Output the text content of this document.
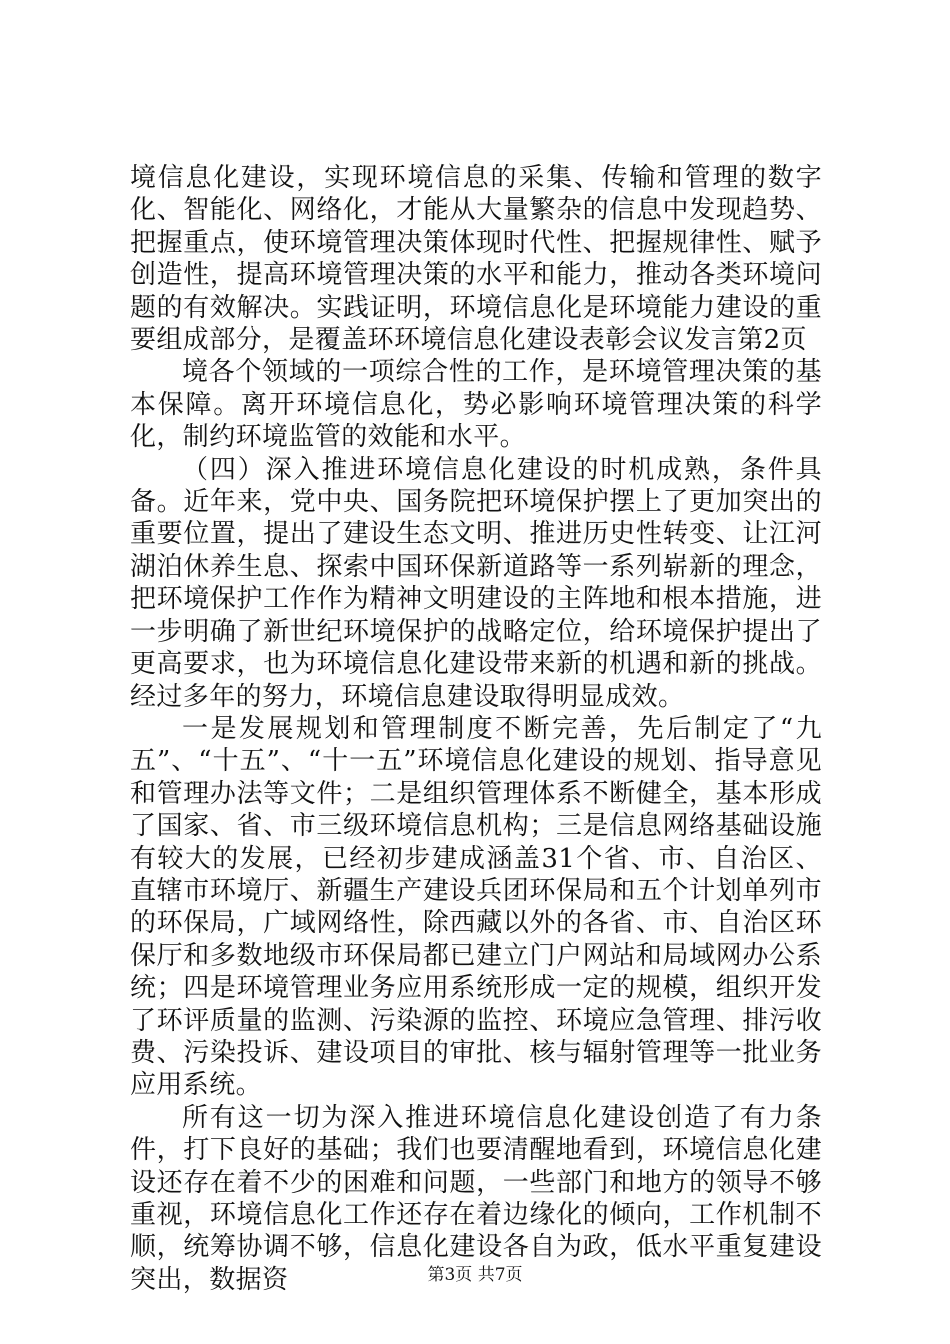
境信息化建设，实现环境信息的采集、传输和管理的数字化、智能化、网络化，才能从大量繁杂的信息中发现趋势、把握重点，使环境管理决策体现时代性、把握规律性、赋予创造性，提高环境管理决策的水平和能力，推动各类环境问题的有效解决。实践证明，环境信息化是环境能力建设的重要组成部分，是覆盖环环境信息化建设表彰会议发言第2页

境各个领域的一项综合性的工作，是环境管理决策的基本保障。离开环境信息化，势必影响环境管理决策的科学化，制约环境监管的效能和水平。

（四）深入推进环境信息化建设的时机成熟，条件具备。近年来，党中央、国务院把环境保护摆上了更加突出的重要位置，提出了建设生态文明、推进历史性转变、让江河湖泊休养生息、探索中国环保新道路等一系列崭新的理念，把环境保护工作作为精神文明建设的主阵地和根本措施，进一步明确了新世纪环境保护的战略定位，给环境保护提出了更高要求，也为环境信息化建设带来新的机遇和新的挑战。经过多年的努力，环境信息建设取得明显成效。

一是发展规划和管理制度不断完善，先后制定了“九五”、“十五”、“十一五”环境信息化建设的规划、指导意见和管理办法等文件；二是组织管理体系不断健全，基本形成了国家、省、市三级环境信息机构；三是信息网络基础设施有较大的发展，已经初步建成涵盖31个省、市、自治区、直辖市环境厅、新疆生产建设兵团环保局和五个计划单列市的环保局，广域网络性，除西藏以外的各省、市、自治区环保厅和多数地级市环保局都已建立门户网站和局域网办公系统；四是环境管理业务应用系统形成一定的规模，组织开发了环评质量的监测、污染源的监控、环境应急管理、排污收费、污染投诉、建设项目的审批、核与辐射管理等一批业务应用系统。

所有这一切为深入推进环境信息化建设创造了有力条件，打下良好的基础；我们也要清醒地看到，环境信息化建设还存在着不少的困难和问题，一些部门和地方的领导不够重视，环境信息化工作还存在着边缘化的倾向，工作机制不顺，统筹协调不够，信息化建设各自为政，低水平重复建设突出，数据资	第3页 共7页
